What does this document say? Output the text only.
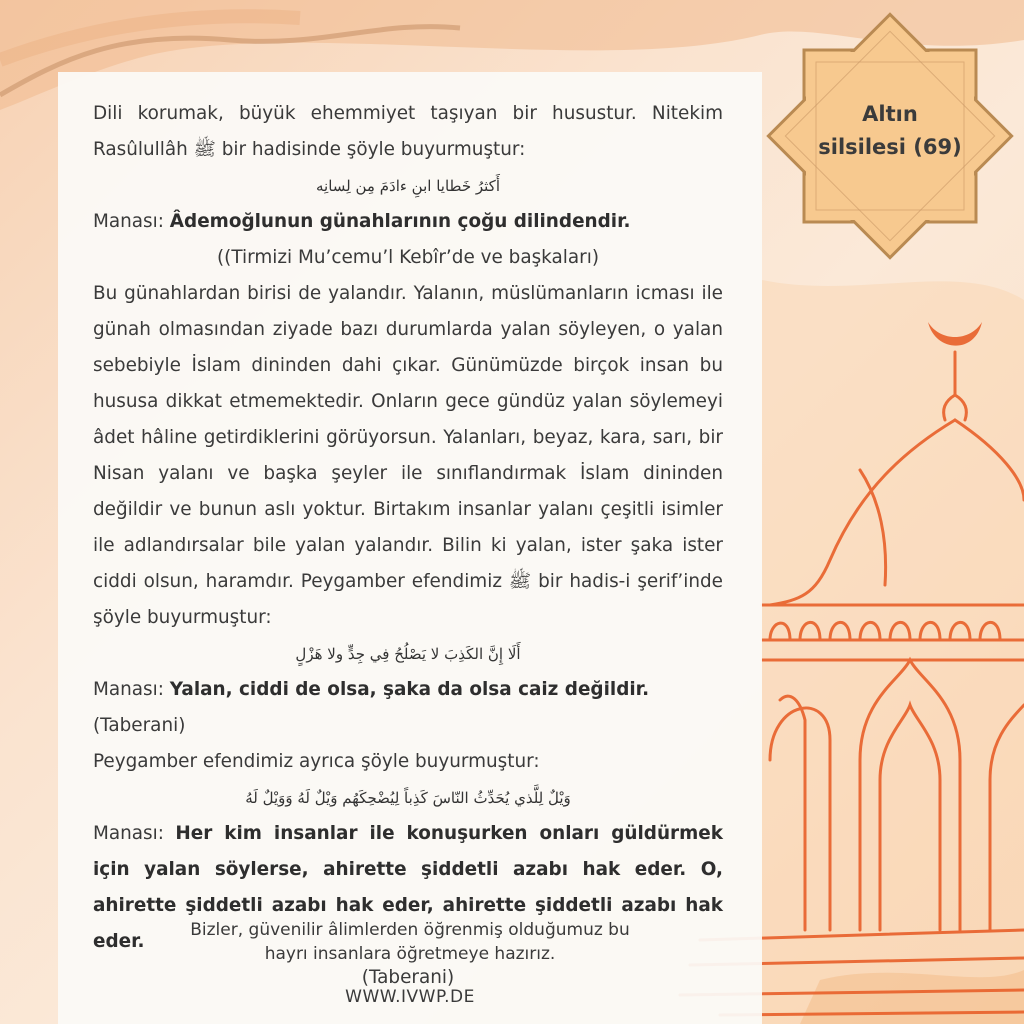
Altın
silsilesi (69)

Dili korumak, büyük ehemmiyet taşıyan bir husustur. Nitekim Rasûlullâh ﷺ bir hadisinde şöyle buyurmuştur:

أَكثرُ خَطايا ابنِ ءادَمَ مِن لِسانِه

Manası: Âdemoğlunun günahlarının çoğu dilindendir.

((Tirmizi Mu’cemu’l Kebîr’de ve başkaları)

Bu günahlardan birisi de yalandır. Yalanın, müslümanların icması ile günah olmasından ziyade bazı durumlarda yalan söyleyen, o yalan sebebiyle İslam dininden dahi çıkar. Günümüzde birçok insan bu hususa dikkat etmemektedir. Onların gece gündüz yalan söylemeyi âdet hâline getirdiklerini görüyorsun. Yalanları, beyaz, kara, sarı, bir Nisan yalanı ve başka şeyler ile sınıflandırmak İslam dininden değildir ve bunun aslı yoktur. Birtakım insanlar yalanı çeşitli isimler ile adlandırsalar bile yalan yalandır. Bilin ki yalan, ister şaka ister ciddi olsun, haramdır. Peygamber efendimiz ﷺ bir hadis-i şerif’inde şöyle buyurmuştur:

أَلَا إِنَّ الكَذِبَ لا يَصْلُحُ فِي جِدٍّ ولا هَزْلٍ

Manası: Yalan, ciddi de olsa, şaka da olsa caiz değildir. (Taberani)

Peygamber efendimiz ayrıca şöyle buyurmuştur:

وَيْلٌ لِلَّذي يُحَدِّثُ النّاسَ كَذِباً لِيُضْحِكَهُم وَيْلٌ لَهُ وَوَيْلٌ لَهُ

Manası: Her kim insanlar ile konuşurken onları güldürmek için yalan söylerse, ahirette şiddetli azabı hak eder. O, ahirette şiddetli azabı hak eder, ahirette şiddetli azabı hak eder.

(Taberani)

Bizler, güvenilir âlimlerden öğrenmiş olduğumuz bu
hayrı insanlara öğretmeye hazırız.
WWW.IVWP.DE
